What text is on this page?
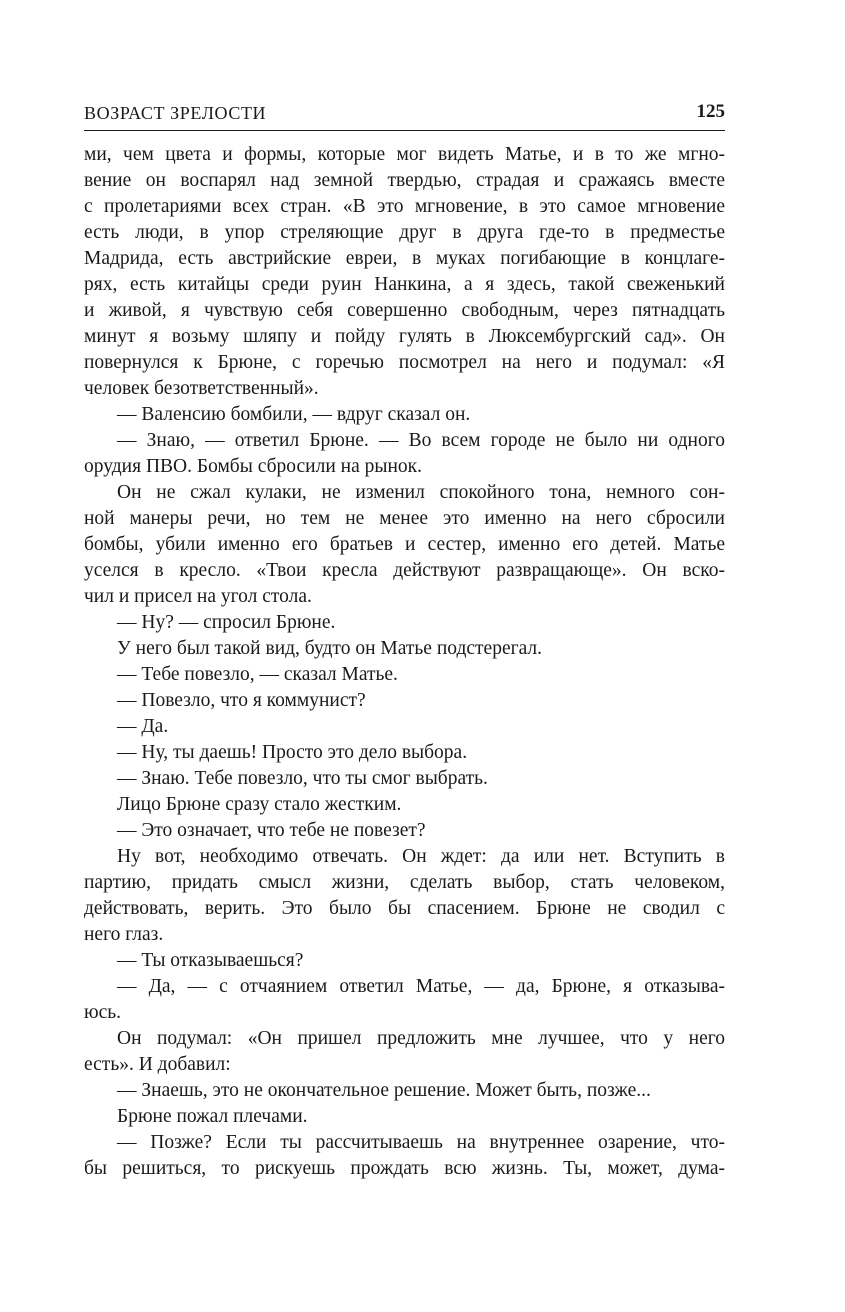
ВОЗРАСТ ЗРЕЛОСТИ	125
ми, чем цвета и формы, которые мог видеть Матье, и в то же мгно-
вение он воспарял над земной твердью, страдая и сражаясь вместе
с пролетариями всех стран. «В это мгновение, в это самое мгновение
есть люди, в упор стреляющие друг в друга где-то в предместье
Мадрида, есть австрийские евреи, в муках погибающие в концлаге-
рях, есть китайцы среди руин Нанкина, а я здесь, такой свеженький
и живой, я чувствую себя совершенно свободным, через пятнадцать
минут я возьму шляпу и пойду гулять в Люксембургский сад». Он
повернулся к Брюне, с горечью посмотрел на него и подумал: «Я
человек безответственный».
— Валенсию бомбили, — вдруг сказал он.
— Знаю, — ответил Брюне. — Во всем городе не было ни одного
орудия ПВО. Бомбы сбросили на рынок.
Он не сжал кулаки, не изменил спокойного тона, немного сон-
ной манеры речи, но тем не менее это именно на него сбросили
бомбы, убили именно его братьев и сестер, именно его детей. Матье
уселся в кресло. «Твои кресла действуют развращающе». Он вско-
чил и присел на угол стола.
— Ну? — спросил Брюне.
У него был такой вид, будто он Матье подстерегал.
— Тебе повезло, — сказал Матье.
— Повезло, что я коммунист?
— Да.
— Ну, ты даешь! Просто это дело выбора.
— Знаю. Тебе повезло, что ты смог выбрать.
Лицо Брюне сразу стало жестким.
— Это означает, что тебе не повезет?
Ну вот, необходимо отвечать. Он ждет: да или нет. Вступить в
партию, придать смысл жизни, сделать выбор, стать человеком,
действовать, верить. Это было бы спасением. Брюне не сводил с
него глаз.
— Ты отказываешься?
— Да, — с отчаянием ответил Матье, — да, Брюне, я отказыва-
юсь.
Он подумал: «Он пришел предложить мне лучшее, что у него
есть». И добавил:
— Знаешь, это не окончательное решение. Может быть, позже...
Брюне пожал плечами.
— Позже? Если ты рассчитываешь на внутреннее озарение, что-
бы решиться, то рискуешь прождать всю жизнь. Ты, может, дума-
